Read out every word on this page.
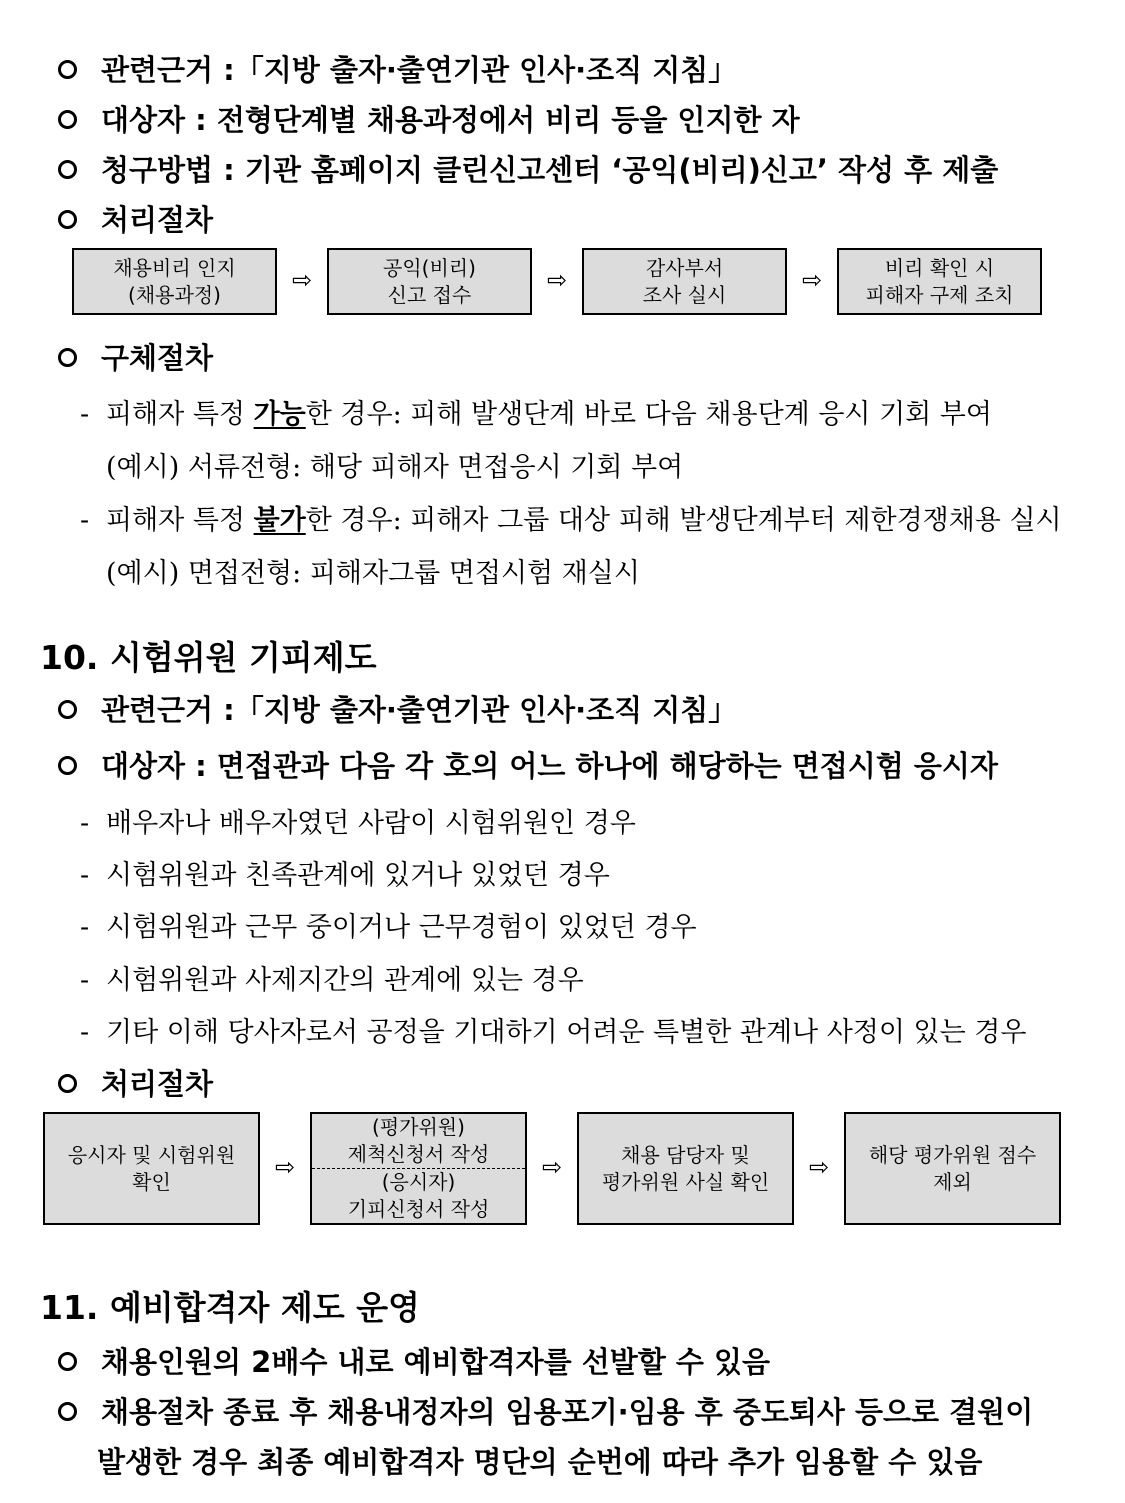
관련근거 :「지방 출자·출연기관 인사·조직 지침」
대상자 : 전형단계별 채용과정에서 비리 등을 인지한 자
청구방법 : 기관 홈페이지 클린신고센터 ‘공익(비리)신고’ 작성 후 제출
처리절차
채용비리 인지
(채용과정)
⇨	공익(비리)
신고 접수
⇨	감사부서
조사 실시
⇨	비리 확인 시
피해자 구제 조치
구체절차
- 피해자 특정 가능한 경우: 피해 발생단계 바로 다음 채용단계 응시 기회 부여
(예시) 서류전형: 해당 피해자 면접응시 기회 부여
- 피해자 특정 불가한 경우: 피해자 그룹 대상 피해 발생단계부터 제한경쟁채용 실시
(예시) 면접전형: 피해자그룹 면접시험 재실시
10. 시험위원 기피제도
관련근거 :「지방 출자·출연기관 인사·조직 지침」
대상자 : 면접관과 다음 각 호의 어느 하나에 해당하는 면접시험 응시자
- 배우자나 배우자였던 사람이 시험위원인 경우
- 시험위원과 친족관계에 있거나 있었던 경우
- 시험위원과 근무 중이거나 근무경험이 있었던 경우
- 시험위원과 사제지간의 관계에 있는 경우
- 기타 이해 당사자로서 공정을 기대하기 어려운 특별한 관계나 사정이 있는 경우
처리절차
응시자 및 시험위원
확인
⇨
(평가위원)
제척신청서 작성
(응시자)
기피신청서 작성
⇨	채용 담당자 및
평가위원 사실 확인
⇨ 해당 평가위원 점수
제외
11. 예비합격자 제도 운영
채용인원의 2배수 내로 예비합격자를 선발할 수 있음
채용절차 종료 후 채용내정자의 임용포기·임용 후 중도퇴사 등으로 결원이
발생한 경우 최종 예비합격자 명단의 순번에 따라 추가 임용할 수 있음
